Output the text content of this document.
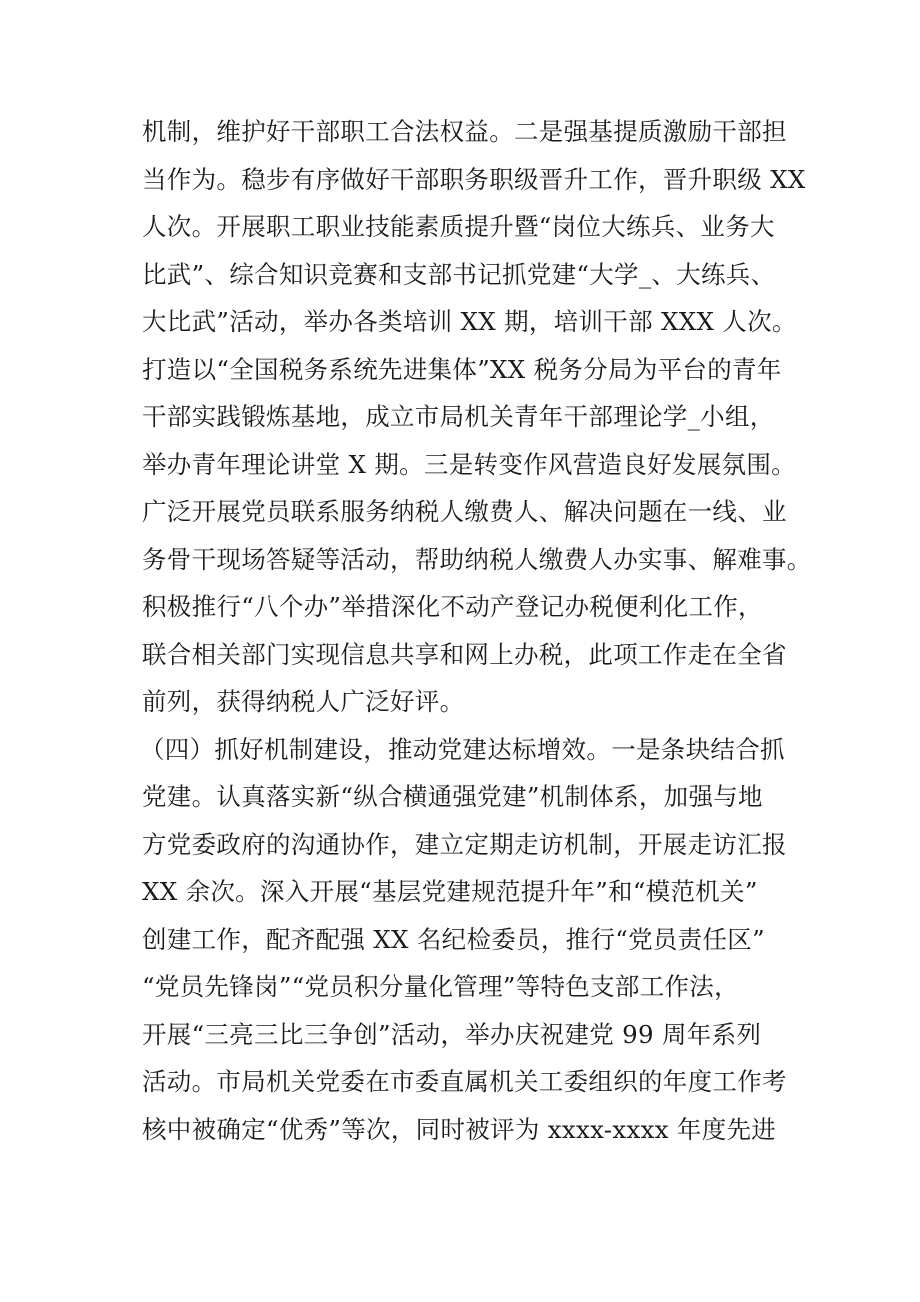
机制，维护好干部职工合法权益。二是强基提质激励干部担
当作为。稳步有序做好干部职务职级晋升工作，晋升职级 XX
人次。开展职工职业技能素质提升暨“岗位大练兵、业务大
比武”、综合知识竞赛和支部书记抓党建“大学_、大练兵、
大比武”活动，举办各类培训 XX 期，培训干部 XXX 人次。
打造以“全国税务系统先进集体”XX 税务分局为平台的青年
干部实践锻炼基地，成立市局机关青年干部理论学_小组，
举办青年理论讲堂 X 期。三是转变作风营造良好发展氛围。
广泛开展党员联系服务纳税人缴费人、解决问题在一线、业
务骨干现场答疑等活动，帮助纳税人缴费人办实事、解难事。
积极推行“八个办”举措深化不动产登记办税便利化工作，
联合相关部门实现信息共享和网上办税，此项工作走在全省
前列，获得纳税人广泛好评。
（四）抓好机制建设，推动党建达标增效。一是条块结合抓
党建。认真落实新“纵合横通强党建”机制体系，加强与地
方党委政府的沟通协作，建立定期走访机制，开展走访汇报
XX 余次。深入开展“基层党建规范提升年”和“模范机关”
创建工作，配齐配强 XX 名纪检委员，推行“党员责任区”
“党员先锋岗”“党员积分量化管理”等特色支部工作法，
开展“三亮三比三争创”活动，举办庆祝建党 99 周年系列
活动。市局机关党委在市委直属机关工委组织的年度工作考
核中被确定“优秀”等次，同时被评为 xxxx-xxxx 年度先进
